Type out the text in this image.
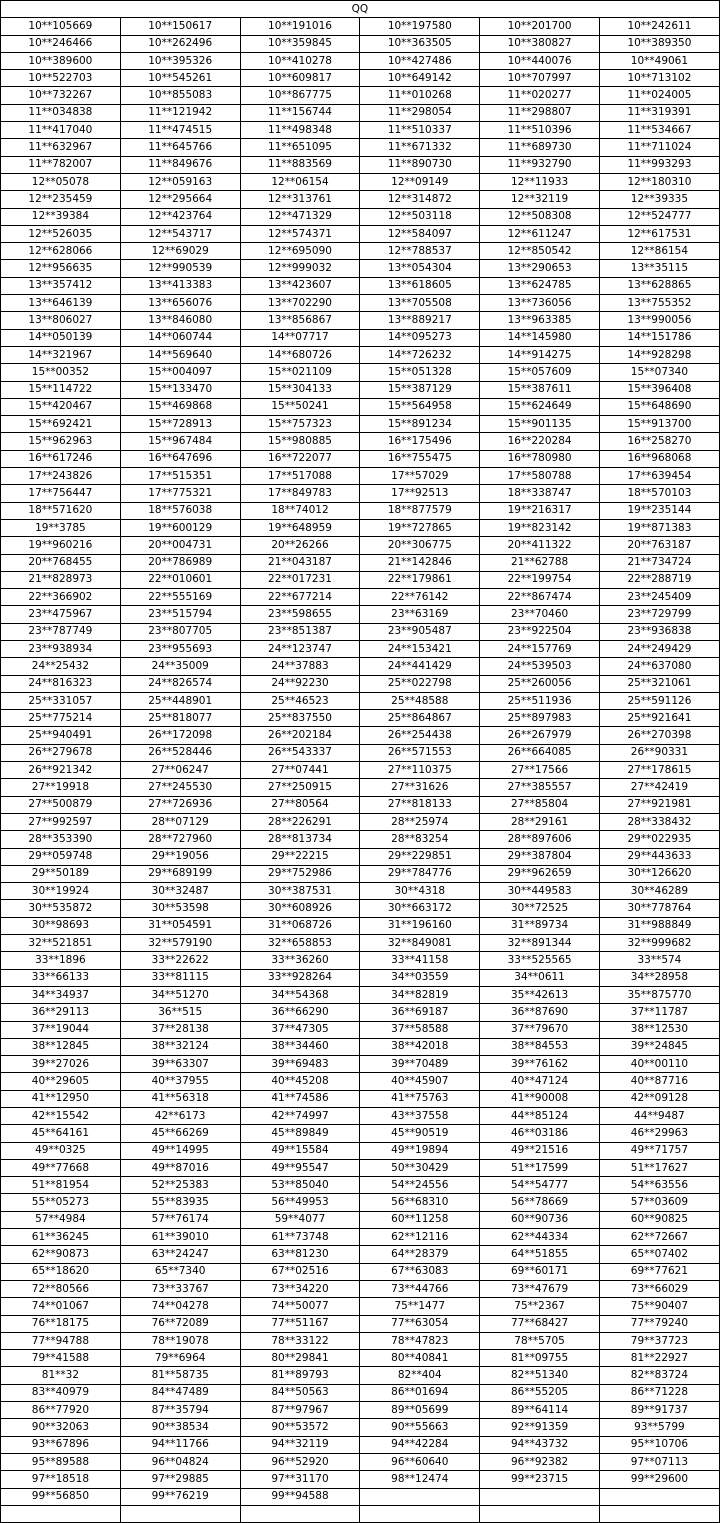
QQ					
10**105669	10**150617	10**191016	10**197580	10**201700	10**242611
10**246466	10**262496	10**359845	10**363505	10**380827	10**389350
10**389600	10**395326	10**410278	10**427486	10**440076	10**49061
10**522703	10**545261	10**609817	10**649142	10**707997	10**713102
10**732267	10**855083	10**867775	11**010268	11**020277	11**024005
11**034838	11**121942	11**156744	11**298054	11**298807	11**319391
11**417040	11**474515	11**498348	11**510337	11**510396	11**534667
11**632967	11**645766	11**651095	11**671332	11**689730	11**711024
11**782007	11**849676	11**883569	11**890730	11**932790	11**993293
12**05078	12**059163	12**06154	12**09149	12**11933	12**180310
12**235459	12**295664	12**313761	12**314872	12**32119	12**39335
12**39384	12**423764	12**471329	12**503118	12**508308	12**524777
12**526035	12**543717	12**574371	12**584097	12**611247	12**617531
12**628066	12**69029	12**695090	12**788537	12**850542	12**86154
12**956635	12**990539	12**999032	13**054304	13**290653	13**35115
13**357412	13**413383	13**423607	13**618605	13**624785	13**628865
13**646139	13**656076	13**702290	13**705508	13**736056	13**755352
13**806027	13**846080	13**856867	13**889217	13**963385	13**990056
14**050139	14**060744	14**07717	14**095273	14**145980	14**151786
14**321967	14**569640	14**680726	14**726232	14**914275	14**928298
15**00352	15**004097	15**021109	15**051328	15**057609	15**07340
15**114722	15**133470	15**304133	15**387129	15**387611	15**396408
15**420467	15**469868	15**50241	15**564958	15**624649	15**648690
15**692421	15**728913	15**757323	15**891234	15**901135	15**913700
15**962963	15**967484	15**980885	16**175496	16**220284	16**258270
16**617246	16**647696	16**722077	16**755475	16**780980	16**968068
17**243826	17**515351	17**517088	17**57029	17**580788	17**639454
17**756447	17**775321	17**849783	17**92513	18**338747	18**570103
18**571620	18**576038	18**74012	18**877579	19**216317	19**235144
19**3785	19**600129	19**648959	19**727865	19**823142	19**871383
19**960216	20**004731	20**26266	20**306775	20**411322	20**763187
20**768455	20**786989	21**043187	21**142846	21**62788	21**734724
21**828973	22**010601	22**017231	22**179861	22**199754	22**288719
22**366902	22**555169	22**677214	22**76142	22**867474	23**245409
23**475967	23**515794	23**598655	23**63169	23**70460	23**729799
23**787749	23**807705	23**851387	23**905487	23**922504	23**936838
23**938934	23**955693	24**123747	24**153421	24**157769	24**249429
24**25432	24**35009	24**37883	24**441429	24**539503	24**637080
24**816323	24**826574	24**92230	25**022798	25**260056	25**321061
25**331057	25**448901	25**46523	25**48588	25**511936	25**591126
25**775214	25**818077	25**837550	25**864867	25**897983	25**921641
25**940491	26**172098	26**202184	26**254438	26**267979	26**270398
26**279678	26**528446	26**543337	26**571553	26**664085	26**90331
26**921342	27**06247	27**07441	27**110375	27**17566	27**178615
27**19918	27**245530	27**250915	27**31626	27**385557	27**42419
27**500879	27**726936	27**80564	27**818133	27**85804	27**921981
27**992597	28**07129	28**226291	28**25974	28**29161	28**338432
28**353390	28**727960	28**813734	28**83254	28**897606	29**022935
29**059748	29**19056	29**22215	29**229851	29**387804	29**443633
29**50189	29**689199	29**752986	29**784776	29**962659	30**126620
30**19924	30**32487	30**387531	30**4318	30**449583	30**46289
30**535872	30**53598	30**608926	30**663172	30**72525	30**778764
30**98693	31**054591	31**068726	31**196160	31**89734	31**988849
32**521851	32**579190	32**658853	32**849081	32**891344	32**999682
33**1896	33**22622	33**36260	33**41158	33**525565	33**574
33**66133	33**81115	33**928264	34**03559	34**0611	34**28958
34**34937	34**51270	34**54368	34**82819	35**42613	35**875770
36**29113	36**515	36**66290	36**69187	36**87690	37**11787
37**19044	37**28138	37**47305	37**58588	37**79670	38**12530
38**12845	38**32124	38**34460	38**42018	38**84553	39**24845
39**27026	39**63307	39**69483	39**70489	39**76162	40**00110
40**29605	40**37955	40**45208	40**45907	40**47124	40**87716
41**12950	41**56318	41**74586	41**75763	41**90008	42**09128
42**15542	42**6173	42**74997	43**37558	44**85124	44**9487
45**64161	45**66269	45**89849	45**90519	46**03186	46**29963
49**0325	49**14995	49**15584	49**19894	49**21516	49**71757
49**77668	49**87016	49**95547	50**30429	51**17599	51**17627
51**81954	52**25383	53**85040	54**24556	54**54777	54**63556
55**05273	55**83935	56**49953	56**68310	56**78669	57**03609
57**4984	57**76174	59**4077	60**11258	60**90736	60**90825
61**36245	61**39010	61**73748	62**12116	62**44334	62**72667
62**90873	63**24247	63**81230	64**28379	64**51855	65**07402
65**18620	65**7340	67**02516	67**63083	69**60171	69**77621
72**80566	73**33767	73**34220	73**44766	73**47679	73**66029
74**01067	74**04278	74**50077	75**1477	75**2367	75**90407
76**18175	76**72089	77**51167	77**63054	77**68427	77**79240
77**94788	78**19078	78**33122	78**47823	78**5705	79**37723
79**41588	79**6964	80**29841	80**40841	81**09755	81**22927
81**32	81**58735	81**89793	82**404	82**51340	82**83724
83**40979	84**47489	84**50563	86**01694	86**55205	86**71228
86**77920	87**35794	87**97967	89**05699	89**64114	89**91737
90**32063	90**38534	90**53572	90**55663	92**91359	93**5799
93**67896	94**11766	94**32119	94**42284	94**43732	95**10706
95**89588	96**04824	96**52920	96**60640	96**92382	97**07113
97**18518	97**29885	97**31170	98**12474	99**23715	99**29600
99**56850	99**76219	99**94588			
